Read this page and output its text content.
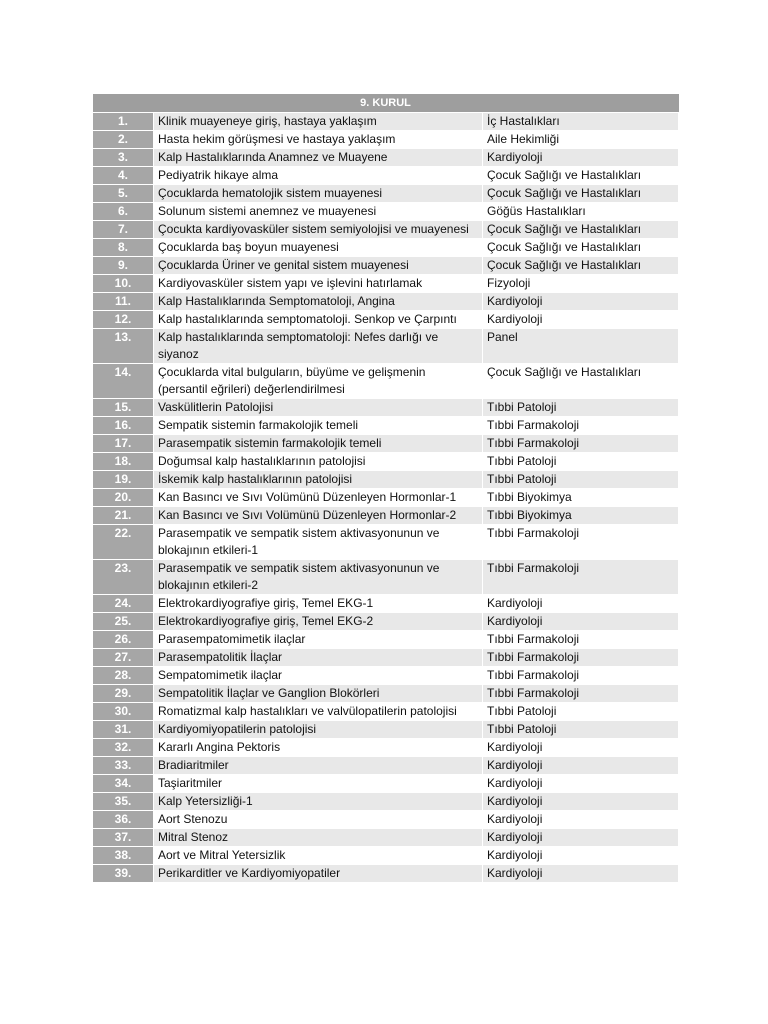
9. KURUL		
1.	Klinik muayeneye giriş, hastaya yaklaşım	İç Hastalıkları
2.	Hasta hekim görüşmesi ve hastaya yaklaşım	Aile Hekimliği
3.	Kalp Hastalıklarında Anamnez ve Muayene	Kardiyoloji
4.	Pediyatrik hikaye alma	Çocuk Sağlığı ve Hastalıkları
5.	Çocuklarda hematolojik sistem muayenesi	Çocuk Sağlığı ve Hastalıkları
6.	Solunum sistemi anemnez ve muayenesi	Göğüs Hastalıkları
7.	Çocukta kardiyovasküler sistem semiyolojisi ve muayenesi	Çocuk Sağlığı ve Hastalıkları
8.	Çocuklarda baş boyun muayenesi	Çocuk Sağlığı ve Hastalıkları
9.	Çocuklarda Üriner ve genital sistem muayenesi	Çocuk Sağlığı ve Hastalıkları
10.	Kardiyovasküler sistem yapı ve işlevini hatırlamak	Fizyoloji
11.	Kalp Hastalıklarında Semptomatoloji, Angina	Kardiyoloji
12.	Kalp hastalıklarında semptomatoloji. Senkop ve Çarpıntı	Kardiyoloji
13.	Kalp hastalıklarında semptomatoloji: Nefes darlığı ve siyanoz	Panel
14.	Çocuklarda vital bulguların, büyüme ve gelişmenin (persantil eğrileri) değerlendirilmesi	Çocuk Sağlığı ve Hastalıkları
15.	Vaskülitlerin Patolojisi	Tıbbi Patoloji
16.	Sempatik sistemin farmakolojik temeli	Tıbbi Farmakoloji
17.	Parasempatik sistemin farmakolojik temeli	Tıbbi Farmakoloji
18.	Doğumsal kalp hastalıklarının patolojisi	Tıbbi Patoloji
19.	İskemik kalp hastalıklarının patolojisi	Tıbbi Patoloji
20.	Kan Basıncı ve Sıvı Volümünü Düzenleyen Hormonlar-1	Tıbbi Biyokimya
21.	Kan Basıncı ve Sıvı Volümünü Düzenleyen Hormonlar-2	Tıbbi Biyokimya
22.	Parasempatik ve sempatik sistem aktivasyonunun ve blokajının etkileri-1	Tıbbi Farmakoloji
23.	Parasempatik ve sempatik sistem aktivasyonunun ve blokajının etkileri-2	Tıbbi Farmakoloji
24.	Elektrokardiyografiye giriş, Temel EKG-1	Kardiyoloji
25.	Elektrokardiyografiye giriş, Temel EKG-2	Kardiyoloji
26.	Parasempatomimetik ilaçlar	Tıbbi Farmakoloji
27.	Parasempatolitik İlaçlar	Tıbbi Farmakoloji
28.	Sempatomimetik ilaçlar	Tıbbi Farmakoloji
29.	Sempatolitik İlaçlar ve Ganglion Blokörleri	Tıbbi Farmakoloji
30.	Romatizmal kalp hastalıkları ve valvülopatilerin patolojisi	Tıbbi Patoloji
31.	Kardiyomiyopatilerin patolojisi	Tıbbi Patoloji
32.	Kararlı Angina Pektoris	Kardiyoloji
33.	Bradiaritmiler	Kardiyoloji
34.	Taşiaritmiler	Kardiyoloji
35.	Kalp Yetersizliği-1	Kardiyoloji
36.	Aort Stenozu	Kardiyoloji
37.	Mitral Stenoz	Kardiyoloji
38.	Aort ve Mitral Yetersizlik	Kardiyoloji
39.	Perikarditler ve Kardiyomiyopatiler	Kardiyoloji
